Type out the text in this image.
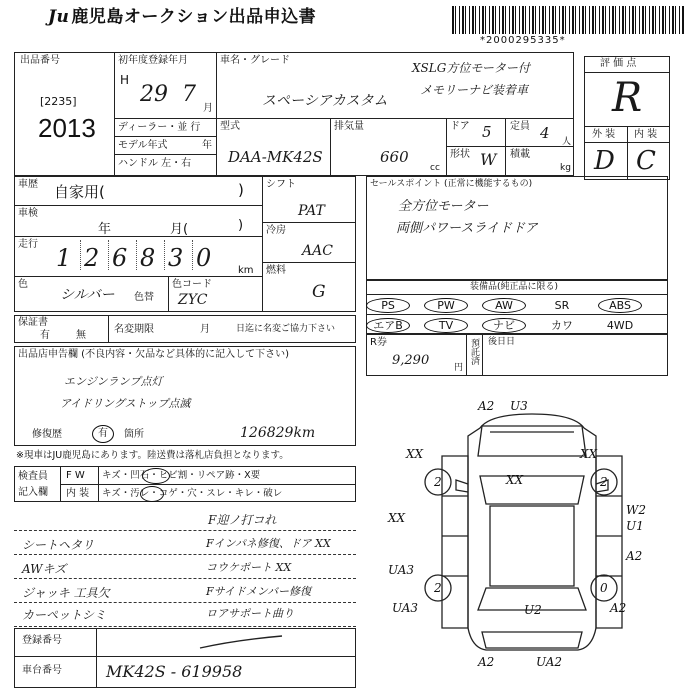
Ju 鹿児島オークション出品申込書
*2000295335*
出品番号
[2235]
2013
初年度登録年月
H
29 7
月
ディーラー・並 行
モデル年式	年
ハンドル 左・右
車名・グレード
XSLG方位モーター付
メモリーナビ装着車
スペーシアカスタム
型式
DAA-MK42S
排気量
660
cc
ドア 5 定員 4 人
形状 W 積載
kg
評 価 点
R
外 装 内 装
D C
車歴 自家用(	)
車検
年	月(	)
走行 1 2 6 8 3 0	km
色
シルバー 色替
色コード
ZYC
シフト
PAT
冷房
AAC
燃料
G
セールスポイント (正常に機能するもの)
全方位モーター
両側パワースライドドア
装備品(純正品に限る)
PS	PW	AW	SR	ABS
エアB	TV	ナビ	カワ	4WD
保証書
有	無
名変期限	月	日迄に名変ご協力下さい
R券
9,290	円
預託済 後日日
出品店申告欄 (不良内容・欠品など具体的に記入して下さい)
エンジンランプ点灯
アイドリングストップ点滅
修復歴	有 箇所	126829km
※現車はJU鹿児島にあります。陸送費は落札店負担となります。
検査員
記入欄
F W キズ・凹石・ヒビ割・リペア跡・X要
内 装 キズ・汚レ・コゲ・穴・スレ・キレ・破レ
F迎ノ打コれ
シートヘタリ	Fインパネ修復、ドア XX
AWキズ	コウケポート XX
ジャッキ 工具欠	Fサイドメンバー修復
カーペットシミ	ロアサポート曲り
登録番号
車台番号	MK42S - 619958
A2 U3
XX
XX
XX
2	2
XX
W2
U1
A2
UA3
2	0
UA3	U2	A2
A2	UA2
